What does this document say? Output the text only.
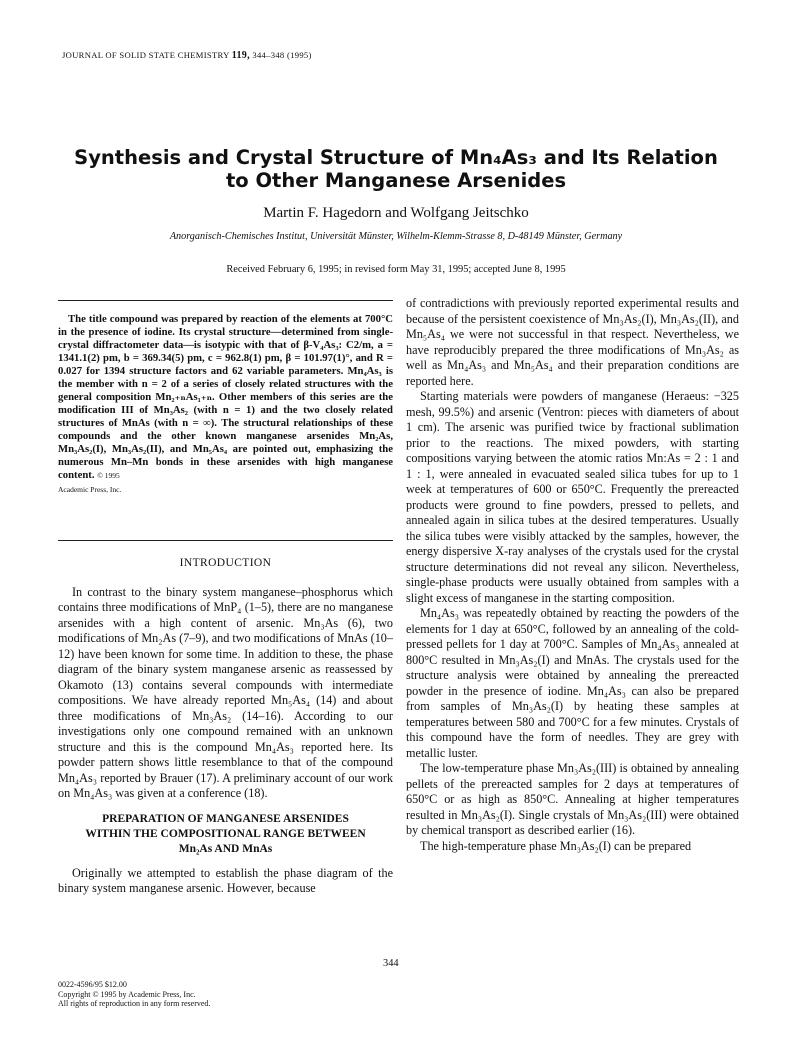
JOURNAL OF SOLID STATE CHEMISTRY 119, 344–348 (1995)
Synthesis and Crystal Structure of Mn₄As₃ and Its Relation to Other Manganese Arsenides
Martin F. Hagedorn and Wolfgang Jeitschko
Anorganisch-Chemisches Institut, Universität Münster, Wilhelm-Klemm-Strasse 8, D-48149 Münster, Germany
Received February 6, 1995; in revised form May 31, 1995; accepted June 8, 1995

The title compound was prepared by reaction of the elements at 700°C in the presence of iodine. Its crystal structure—determined from single-crystal diffractometer data—is isotypic with that of β-V₄As₃: C2/m, a = 1341.1(2) pm, b = 369.34(5) pm, c = 962.8(1) pm, β = 101.97(1)°, and R = 0.027 for 1394 structure factors and 62 variable parameters. Mn₄As₃ is the member with n = 2 of a series of closely related structures with the general composition Mn₂₊ₙAs₁₊ₙ. Other members of this series are the modification III of Mn₃As₂ (with n = 1) and the two closely related structures of MnAs (with n = ∞). The structural relationships of these compounds and the other known manganese arsenides Mn₂As, Mn₃As₂(I), Mn₃As₂(II), and Mn₅As₄ are pointed out, emphasizing the numerous Mn–Mn bonds in these arsenides with high manganese content. © 1995
Academic Press, Inc.

INTRODUCTION

In contrast to the binary system manganese–phosphorus which contains three modifications of MnP₄ (1–5), there are no manganese arsenides with a high content of arsenic. Mn₃As (6), two modifications of Mn₂As (7–9), and two modifications of MnAs (10–12) have been known for some time. In addition to these, the phase diagram of the binary system manganese arsenic as reassessed by Okamoto (13) contains several compounds with intermediate compositions. We have already reported Mn₅As₄ (14) and about three modifications of Mn₃As₂ (14–16). According to our investigations only one compound remained with an unknown structure and this is the compound Mn₄As₃ reported here. Its powder pattern shows little resemblance to that of the compound Mn₄As₃ reported by Brauer (17). A preliminary account of our work on Mn₄As₃ was given at a conference (18).

PREPARATION OF MANGANESE ARSENIDES
WITHIN THE COMPOSITIONAL RANGE BETWEEN
Mn₂As AND MnAs

Originally we attempted to establish the phase diagram of the binary system manganese arsenic. However, because

of contradictions with previously reported experimental results and because of the persistent coexistence of Mn₃As₂(I), Mn₃As₂(II), and Mn₅As₄ we were not successful in that respect. Nevertheless, we have reproducibly prepared the three modifications of Mn₃As₂ as well as Mn₄As₃ and Mn₅As₄ and their preparation conditions are reported here.

Starting materials were powders of manganese (Heraeus: −325 mesh, 99.5%) and arsenic (Ventron: pieces with diameters of about 1 cm). The arsenic was purified twice by fractional sublimation prior to the reactions. The mixed powders, with starting compositions varying between the atomic ratios Mn:As = 2 : 1 and 1 : 1, were annealed in evacuated sealed silica tubes for up to 1 week at temperatures of 600 or 650°C. Frequently the prereacted products were ground to fine powders, pressed to pellets, and annealed again in silica tubes at the desired temperatures. Usually the silica tubes were visibly attacked by the samples, however, the energy dispersive X-ray analyses of the crystals used for the crystal structure determinations did not reveal any silicon. Nevertheless, single-phase products were usually obtained from samples with a slight excess of manganese in the starting composition.

Mn₄As₃ was repeatedly obtained by reacting the powders of the elements for 1 day at 650°C, followed by an annealing of the cold-pressed pellets for 1 day at 700°C. Samples of Mn₄As₃ annealed at 800°C resulted in Mn₃As₂(I) and MnAs. The crystals used for the structure analysis were obtained by annealing the prereacted powder in the presence of iodine. Mn₄As₃ can also be prepared from samples of Mn₃As₂(I) by heating these samples at temperatures between 580 and 700°C for a few minutes. Crystals of this compound have the form of needles. They are grey with metallic luster.

The low-temperature phase Mn₃As₂(III) is obtained by annealing pellets of the prereacted samples for 2 days at temperatures of 650°C or as high as 850°C. Annealing at higher temperatures resulted in Mn₃As₂(I). Single crystals of Mn₃As₂(III) were obtained by chemical transport as described earlier (16).

The high-temperature phase Mn₃As₂(I) can be prepared

344
0022-4596/95 $12.00
Copyright © 1995 by Academic Press, Inc.
All rights of reproduction in any form reserved.
